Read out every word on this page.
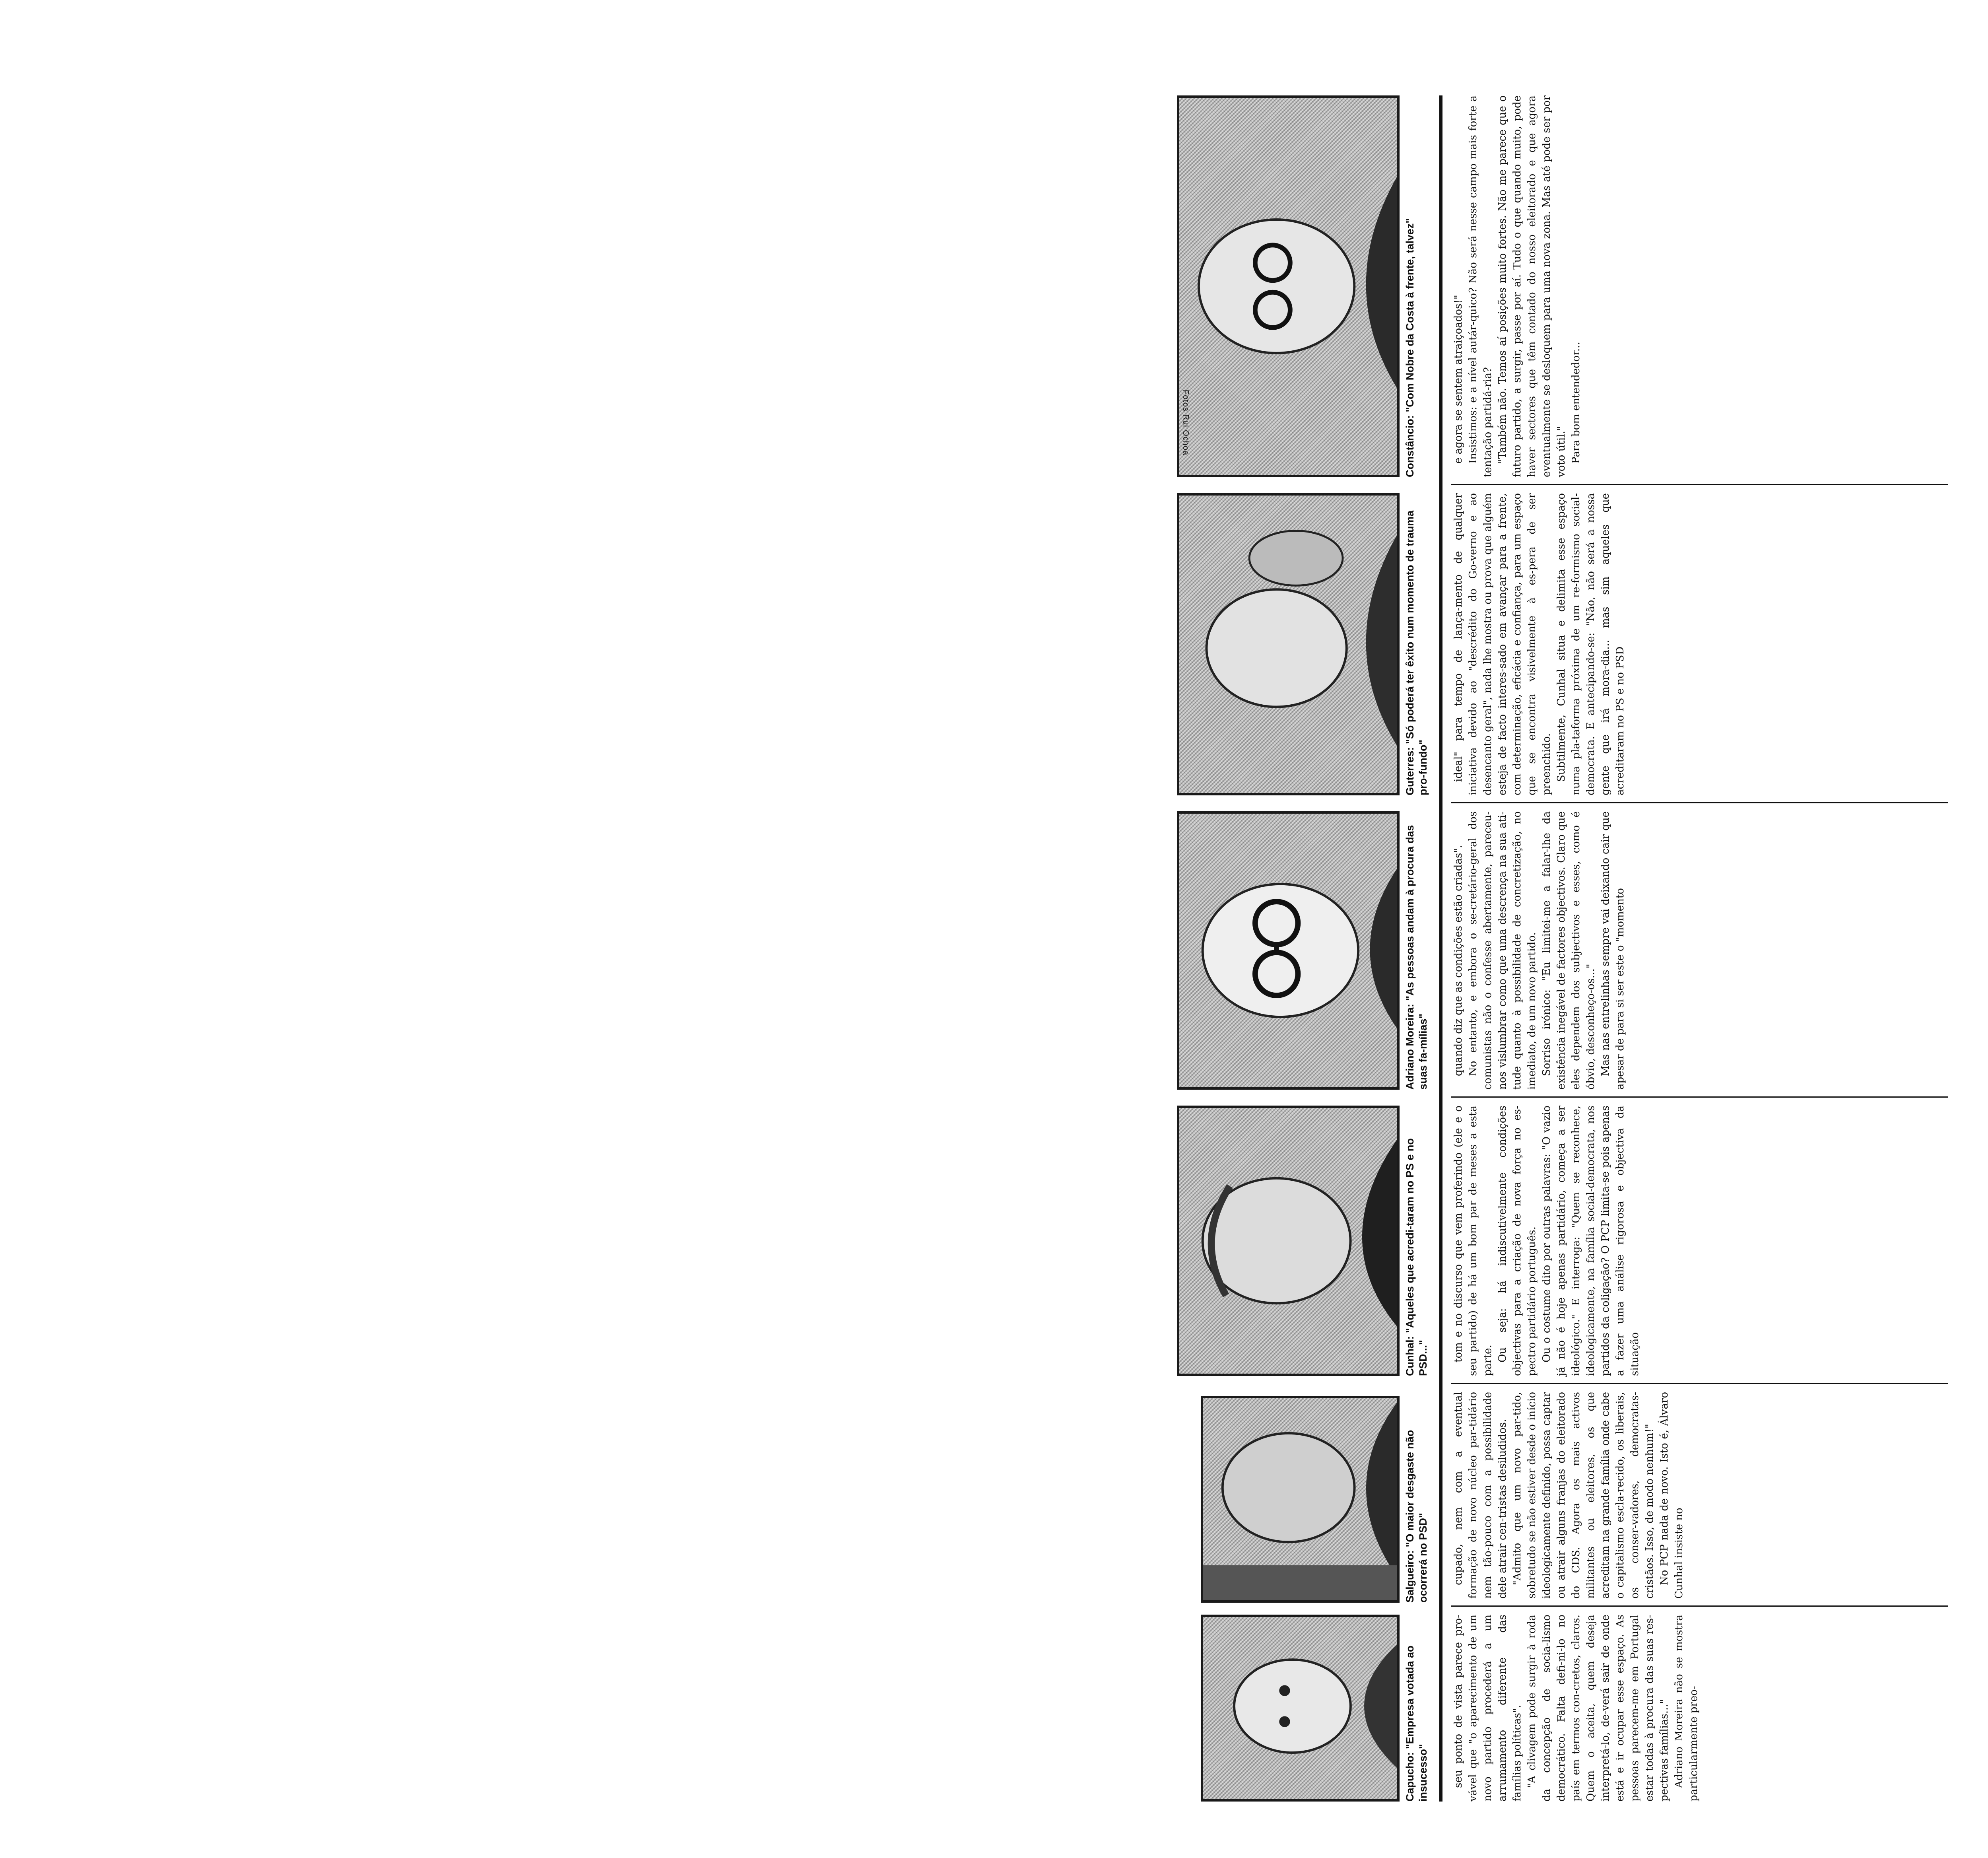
Capucho: "Empresa votada ao insucesso"
Salgueiro: "O maior desgaste não ocorrerá no PSD"
Cunhal: "Aqueles que acredi-taram no PS e no PSD..."
Adriano Moreira: "As pessoas andam à procura das suas fa-mílias"
Guterres: "Só poderá ter êxito num momento de trauma pro-fundo"
Fotos Rui Ochoa	Constâncio: "Com Nobre da Costa à frente, talvez"

seu ponto de vista parece pro-vável que "o aparecimento de um novo partido procederá a um arrumamento diferente das famílias políticas". "A clivagem pode surgir à roda da concepção de socia-lismo democrático. Falta defi-ni-lo no país em termos con-cretos, claros. Quem o aceita, quem deseja interpretá-lo, de-verá sair de onde está e ir ocupar esse espaço. As pessoas parecem-me em Portugal estar todas à procura das suas res-pectivas famílias..." Adriano Moreira não se mostra particularmente preo-

cupado, nem com a eventual formação de novo núcleo par-tidário nem tão-pouco com a possibilidade dele atrair cen-tristas desiludidos. "Admito que um novo par-tido, sobretudo se não estiver desde o início ideologicamente definido, possa captar ou atrair alguns franjas do eleitorado do CDS. Agora os mais activos militantes ou eleitores, os que acreditam na grande família onde cabe o capitalismo escla-recido, os liberais, os conser-vadores, democratas-cristãos. Isso, de modo nenhum!" No PCP nada de novo. Isto é, Álvaro Cunhal insiste no

tom e no discurso que vem proferindo (ele e o seu partido) de há um bom par de meses a esta parte. Ou seja: há indiscutivelmente condições objectivas para a criação de nova força no es-pectro partidário português. Ou o costume dito por outras palavras: "O vazio já não é hoje apenas partidário, começa a ser ideológico." E interroga: "Quem se reconhece, ideologicamente, na família social-democrata, nos partidos da coligação? O PCP limita-se pois apenas a fazer uma análise rigorosa e objectiva da situação

quando diz que as condições estão criadas". No entanto, e embora o se-cretário-geral dos comunistas não o confesse abertamente, pareceu-nos vislumbrar como que uma descrença na sua ati-tude quanto à possibilidade de concretização, no imediato, de um novo partido. Sorriso irónico: "Eu limitei-me a falar-lhe da existência inegável de factores objectivos. Claro que eles dependem dos subjectivos e esses, como é óbvio, desconheço-os..." Mas nas entrelinhas sempre vai deixando cair que apesar de para si ser este o "momento

ideal" para tempo de lança-mento de qualquer iniciativa devido ao "descrédito do Go-verno e ao desencanto geral", nada lhe mostra ou prova que alguém esteja de facto interes-sado em avançar para a frente, com determinação, eficácia e confiança, para um espaço que se encontra visivelmente à es-pera de ser preenchido. Subtilmente, Cunhal situa e delimita esse espaço numa pla-taforma próxima de um re-formismo social-democrata. E antecipando-se: "Não, não será a nossa gente que irá mora-dia... mas sim aqueles que acreditaram no PS e no PSD

e agora se sentem atraiçoados!" Insistimos: e a nível autár-quico? Não será nesse campo mais forte a tentação partidá-ria? "Também não. Temos aí posições muito fortes. Não me parece que o futuro partido, a surgir, passe por aí. Tudo o que quando muito, pode haver sectores que têm contado do nosso eleitorado e que agora eventualmente se desloquem para uma nova zona. Mas até pode ser por voto útil." Para bom entendedor...
